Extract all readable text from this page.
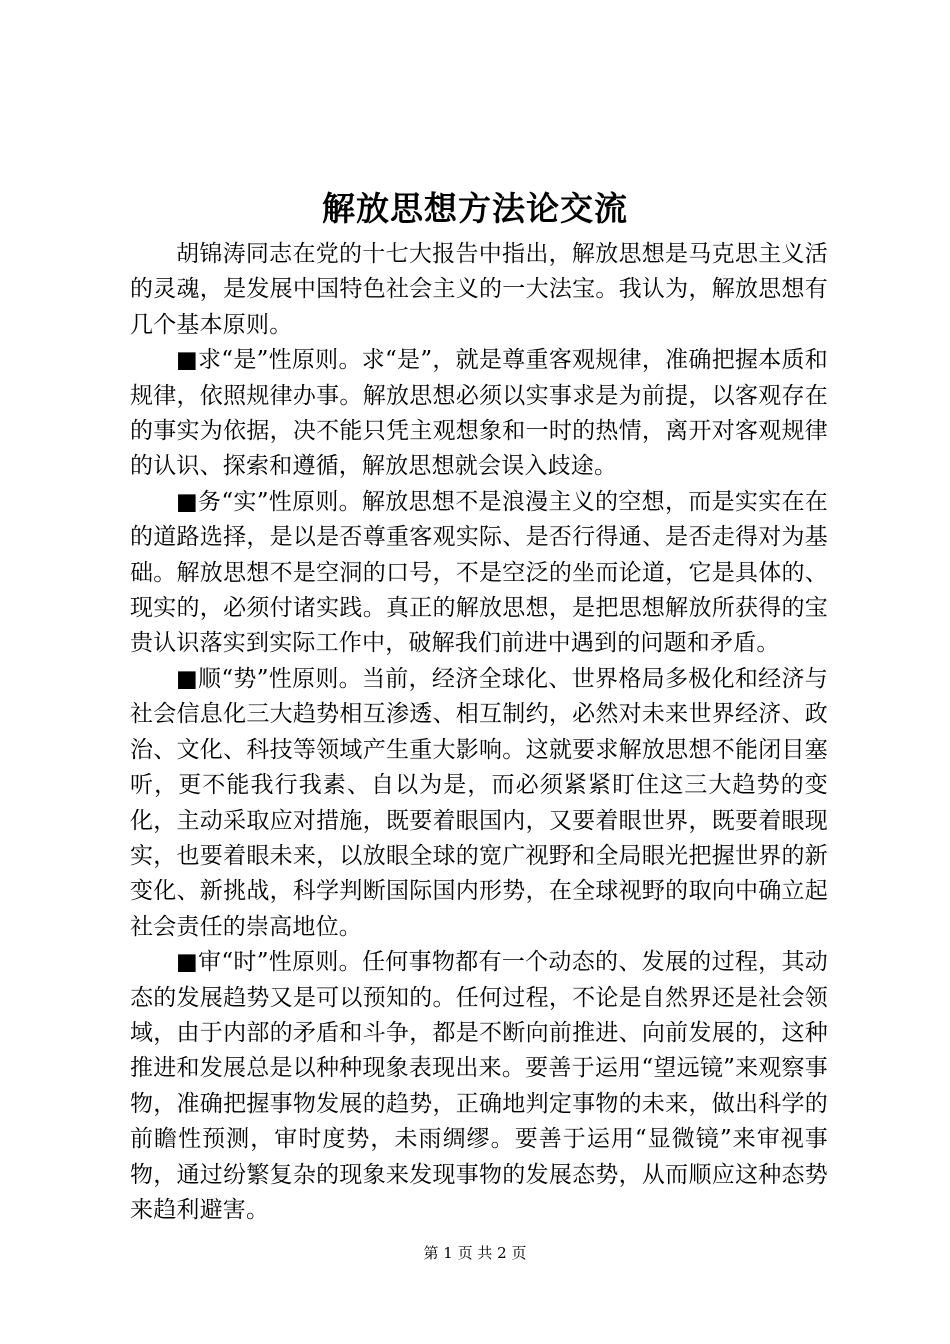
解放思想方法论交流

胡锦涛同志在党的十七大报告中指出，解放思想是马克思主义活的灵魂，是发展中国特色社会主义的一大法宝。我认为，解放思想有几个基本原则。

■求“是”性原则。求“是”，就是尊重客观规律，准确把握本质和规律，依照规律办事。解放思想必须以实事求是为前提，以客观存在的事实为依据，决不能只凭主观想象和一时的热情，离开对客观规律的认识、探索和遵循，解放思想就会误入歧途。

■务“实”性原则。解放思想不是浪漫主义的空想，而是实实在在的道路选择，是以是否尊重客观实际、是否行得通、是否走得对为基础。解放思想不是空洞的口号，不是空泛的坐而论道，它是具体的、现实的，必须付诸实践。真正的解放思想，是把思想解放所获得的宝贵认识落实到实际工作中，破解我们前进中遇到的问题和矛盾。

■顺“势”性原则。当前，经济全球化、世界格局多极化和经济与社会信息化三大趋势相互渗透、相互制约，必然对未来世界经济、政治、文化、科技等领域产生重大影响。这就要求解放思想不能闭目塞听，更不能我行我素、自以为是，而必须紧紧盯住这三大趋势的变化，主动采取应对措施，既要着眼国内，又要着眼世界，既要着眼现实，也要着眼未来，以放眼全球的宽广视野和全局眼光把握世界的新变化、新挑战，科学判断国际国内形势，在全球视野的取向中确立起社会责任的崇高地位。

■审“时”性原则。任何事物都有一个动态的、发展的过程，其动态的发展趋势又是可以预知的。任何过程，不论是自然界还是社会领域，由于内部的矛盾和斗争，都是不断向前推进、向前发展的，这种推进和发展总是以种种现象表现出来。要善于运用“望远镜”来观察事物，准确把握事物发展的趋势，正确地判定事物的未来，做出科学的前瞻性预测，审时度势，未雨绸缪。要善于运用“显微镜”来审视事物，通过纷繁复杂的现象来发现事物的发展态势，从而顺应这种态势来趋利避害。

第 1 页 共 2 页
